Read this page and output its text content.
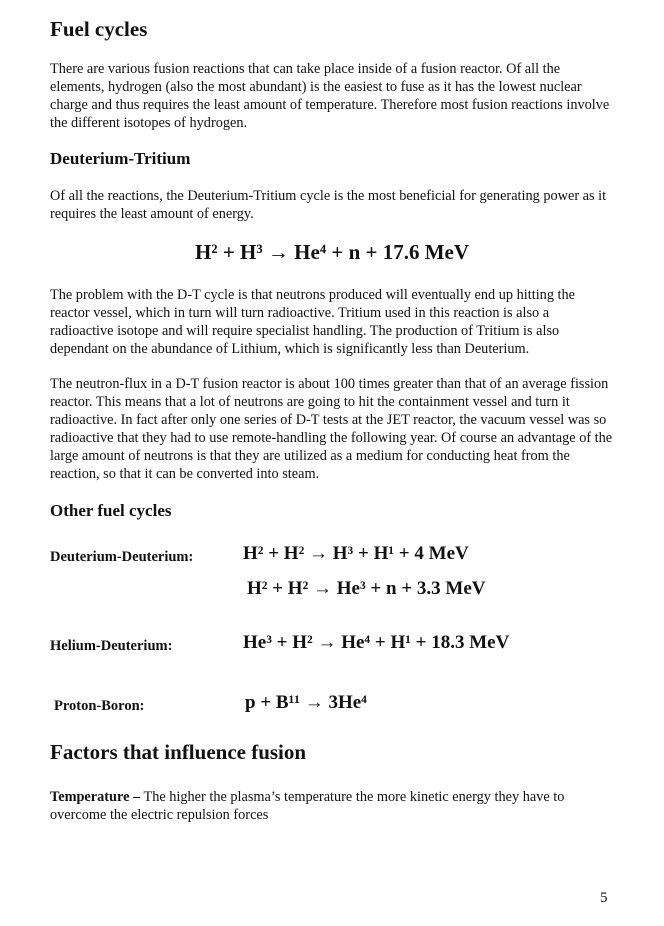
Fuel cycles

There are various fusion reactions that can take place inside of a fusion reactor. Of all the elements, hydrogen (also the most abundant) is the easiest to fuse as it has the lowest nuclear charge and thus requires the least amount of temperature. Therefore most fusion reactions involve the different isotopes of hydrogen.

Deuterium-Tritium

Of all the reactions, the Deuterium-Tritium cycle is the most beneficial for generating power as it requires the least amount of energy.

H² + H³ → He⁴ + n + 17.6 MeV

The problem with the D-T cycle is that neutrons produced will eventually end up hitting the reactor vessel, which in turn will turn radioactive. Tritium used in this reaction is also a radioactive isotope and will require specialist handling. The production of Tritium is also dependant on the abundance of Lithium, which is significantly less than Deuterium.

The neutron-flux in a D-T fusion reactor is about 100 times greater than that of an average fission reactor. This means that a lot of neutrons are going to hit the containment vessel and turn it radioactive. In fact after only one series of D-T tests at the JET reactor, the vacuum vessel was so radioactive that they had to use remote-handling the following year. Of course an advantage of the large amount of neutrons is that they are utilized as a medium for conducting heat from the reaction, so that it can be converted into steam.

Other fuel cycles
Deuterium-Deuterium:	H² + H² → H³ + H¹ + 4 MeV
H² + H² → He³ + n + 3.3 MeV
Helium-Deuterium:	He³ + H² → He⁴ + H¹ + 18.3 MeV
Proton-Boron:	p + B¹¹ → 3He⁴
Factors that influence fusion

Temperature – The higher the plasma’s temperature the more kinetic energy they have to overcome the electric repulsion forces

5
